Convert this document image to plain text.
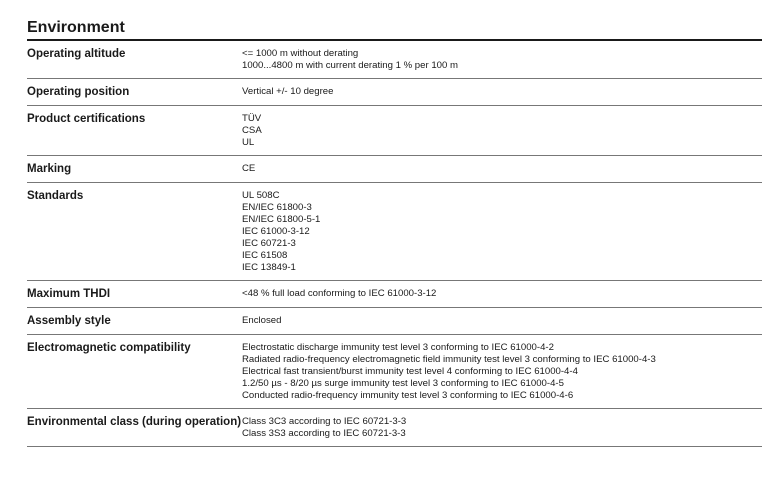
Environment
Operating altitude	<= 1000 m without derating
1000...4800 m with current derating 1 % per 100 m
Operating position	Vertical +/- 10 degree
Product certifications	TÜV
CSA
UL
Marking	CE
Standards	UL 508C
EN/IEC 61800-3
EN/IEC 61800-5-1
IEC 61000-3-12
IEC 60721-3
IEC 61508
IEC 13849-1
Maximum THDI	<48 % full load conforming to IEC 61000-3-12
Assembly style	Enclosed
Electromagnetic compatibility	Electrostatic discharge immunity test level 3 conforming to IEC 61000-4-2
Radiated radio-frequency electromagnetic field immunity test level 3 conforming to IEC 61000-4-3
Electrical fast transient/burst immunity test level 4 conforming to IEC 61000-4-4
1.2/50 µs - 8/20 µs surge immunity test level 3 conforming to IEC 61000-4-5
Conducted radio-frequency immunity test level 3 conforming to IEC 61000-4-6
Environmental class (during operation) Class 3C3 according to IEC 60721-3-3
Class 3S3 according to IEC 60721-3-3
